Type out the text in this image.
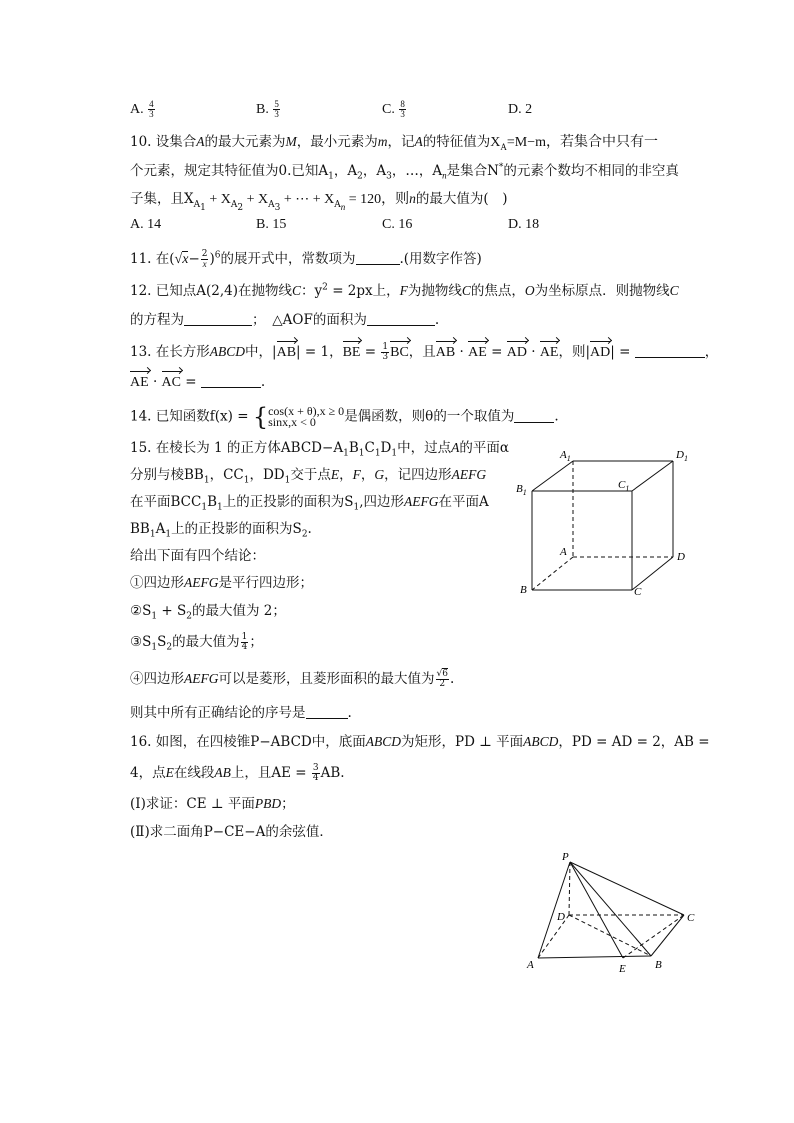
A. $\frac{4}{3}$	B. $\frac{5}{3}$	C. $\frac{8}{3}$	D. 2
10. 设集合A的最大元素为M，最小元素为m，记A的特征值为$X_A=M-m$，若集合中只有一
个元素，规定其特征值为0.已知$A_1$，$A_2$，$A_3$，…，$A_n$是集合N*的元素个数均不相同的非空真
子集，且$X_{A_1} + X_{A_2} + X_{A_3}$ + ⋯ + $X_{A_n} = 120$，则n的最大值为(　)
A. 14	B. 15	C. 16	D. 18
11. 在$(√x- \frac{2}{x} )^6$的展开式中，常数项为	.(用数字作答)
12. 已知点A(2,4)在抛物线C：$y^2 = 2px$上，F为抛物线C的焦点，O为坐标原点．则抛物线C
的方程为	；　 △AOF的面积为	.
13. 在长方形ABCD中，|AB| = 1，BE = $\frac{1}{3}$ BC，且AB · AE = AD · AE，则|AD| =	，
AE · AC =	.
14. 已知函数f(x) = { cos(x + θ),x ≥ 0
sinx,x < 0	是偶函数，则θ的一个取值为	.
15. 在棱长为 1 的正方体$ABCD-A_1B_1C_1D_1$中，过点A的平面α
分别与棱$BB_1$，$CC_1$，$DD_1$交于点E，F，G，记四边形AEFG
在平面$BCC_1B_1$上的正投影的面积为$S_1$,四边形AEFG在平面A
$BB_1A_1$上的正投影的面积为$S_2$.
给出下面有四个结论：
①四边形AEFG是平行四边形；
$②S_1 + S_2$的最大值为 2；
$③S_1S_2$的最大值为 $\frac{1}{4}$ ；
④四边形AEFG可以是菱形，且菱形面积的最大值为 $\frac{√6}{2}$ .
则其中所有正确结论的序号是	.
16. 如图，在四棱锥P−ABCD中，底面ABCD为矩形，PD ⊥ 平面ABCD，PD = AD = 2，AB =
4，点E在线段AB上，且AE = $\frac{3}{4}$ AB.
(Ⅰ)求证：CE ⊥ 平面PBD；
(Ⅱ)求二面角P−CE−A的余弦值．
$A_1$	$D_1$
$B_1$
$C_1$
A	D
B	C
P
D	C
A	E	B
